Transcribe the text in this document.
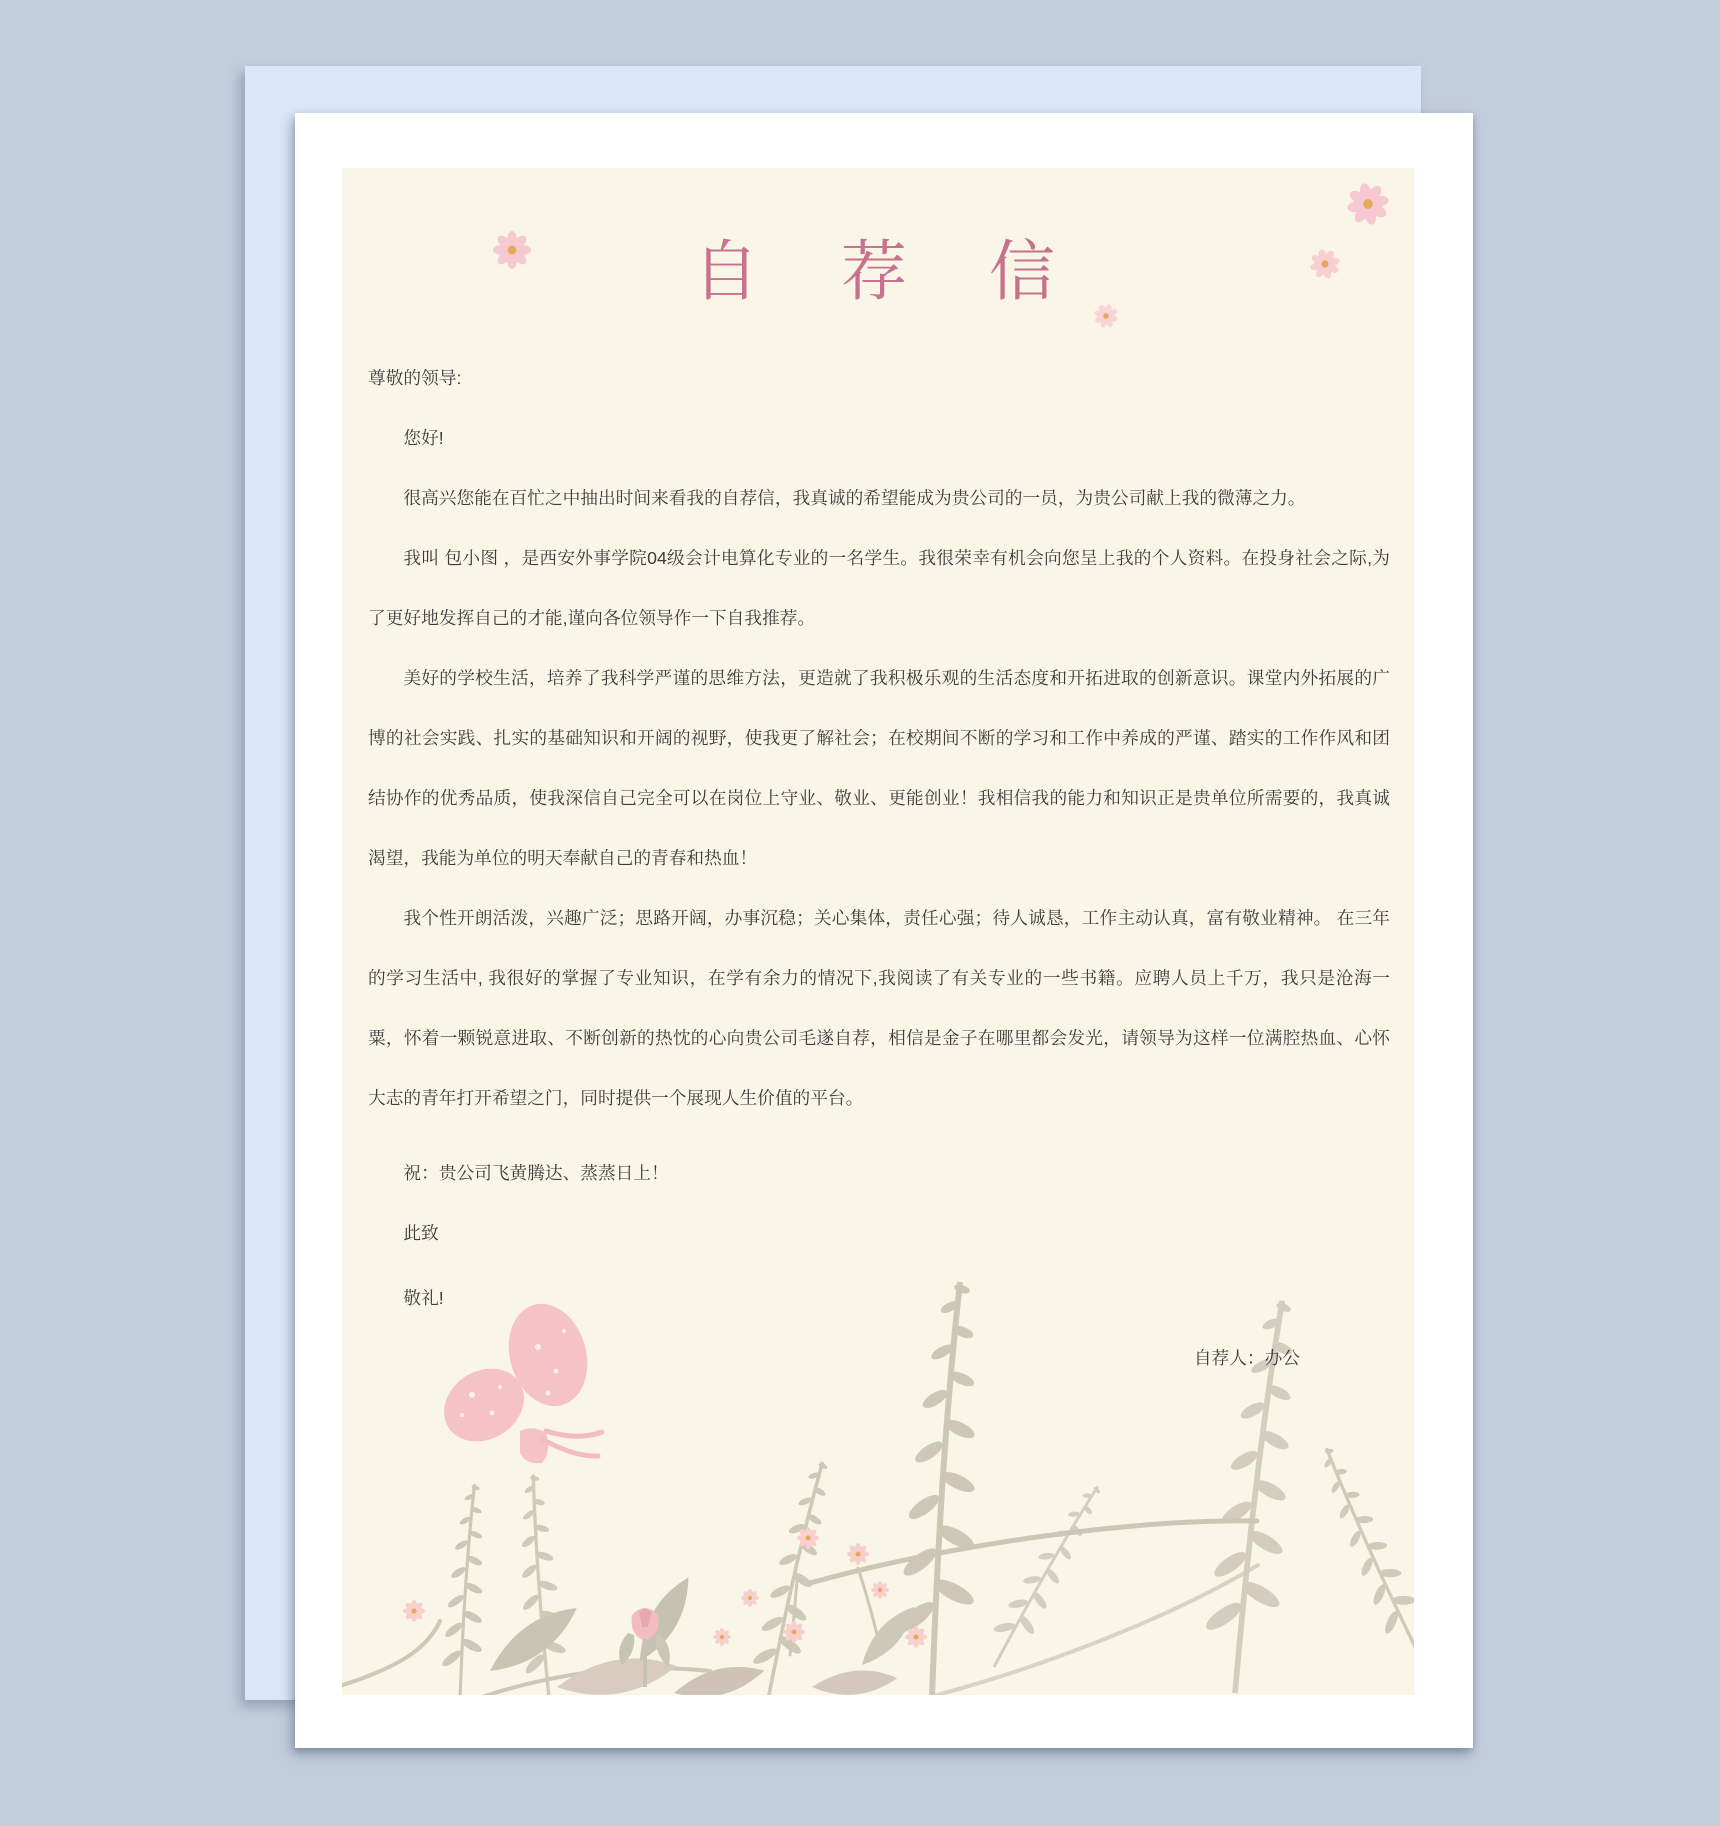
自　荐　信

尊敬的领导:

您好!

很高兴您能在百忙之中抽出时间来看我的自荐信，我真诚的希望能成为贵公司的一员，为贵公司献上我的微薄之力。

我叫 包小图 ，是西安外事学院04级会计电算化专业的一名学生。我很荣幸有机会向您呈上我的个人资料。在投身社会之际,为了更好地发挥自己的才能,谨向各位领导作一下自我推荐。

美好的学校生活，培养了我科学严谨的思维方法，更造就了我积极乐观的生活态度和开拓进取的创新意识。课堂内外拓展的广博的社会实践、扎实的基础知识和开阔的视野，使我更了解社会；在校期间不断的学习和工作中养成的严谨、踏实的工作作风和团结协作的优秀品质，使我深信自己完全可以在岗位上守业、敬业、更能创业！我相信我的能力和知识正是贵单位所需要的，我真诚渴望，我能为单位的明天奉献自己的青春和热血！

我个性开朗活泼，兴趣广泛；思路开阔，办事沉稳；关心集体，责任心强；待人诚恳，工作主动认真，富有敬业精神。 在三年的学习生活中, 我很好的掌握了专业知识，在学有余力的情况下,我阅读了有关专业的一些书籍。应聘人员上千万，我只是沧海一粟，怀着一颗锐意进取、不断创新的热忱的心向贵公司毛遂自荐，相信是金子在哪里都会发光，请领导为这样一位满腔热血、心怀大志的青年打开希望之门，同时提供一个展现人生价值的平台。

祝：贵公司飞黄腾达、蒸蒸日上！

此致

敬礼!

自荐人：办公
